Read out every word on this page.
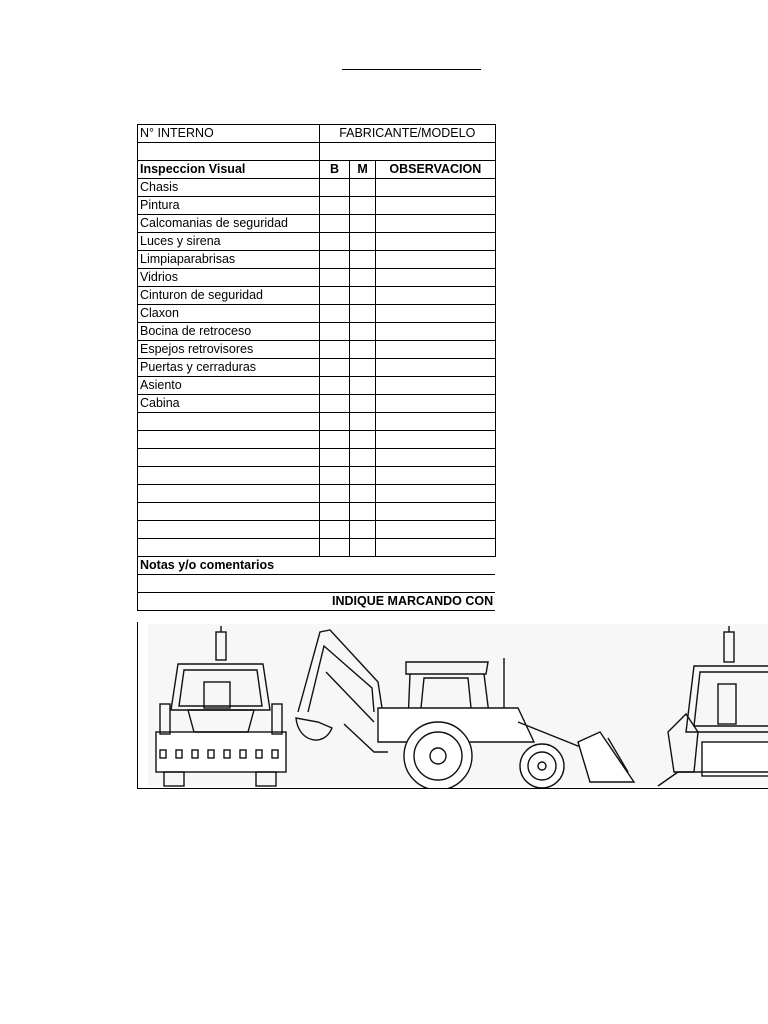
N° INTERNO	FABRICANTE/MODELO		

Inspeccion Visual	B	M	OBSERVACION
Chasis			
Pintura			
Calcomanias de seguridad			
Luces y sirena			
Limpiaparabrisas			
Vidrios			
Cinturon de seguridad			
Claxon			
Bocina de retroceso			
Espejos retrovisores			
Puertas y cerraduras			
Asiento			
Cabina			

Notas y/o comentarios			

INDIQUE MARCANDO CON			
